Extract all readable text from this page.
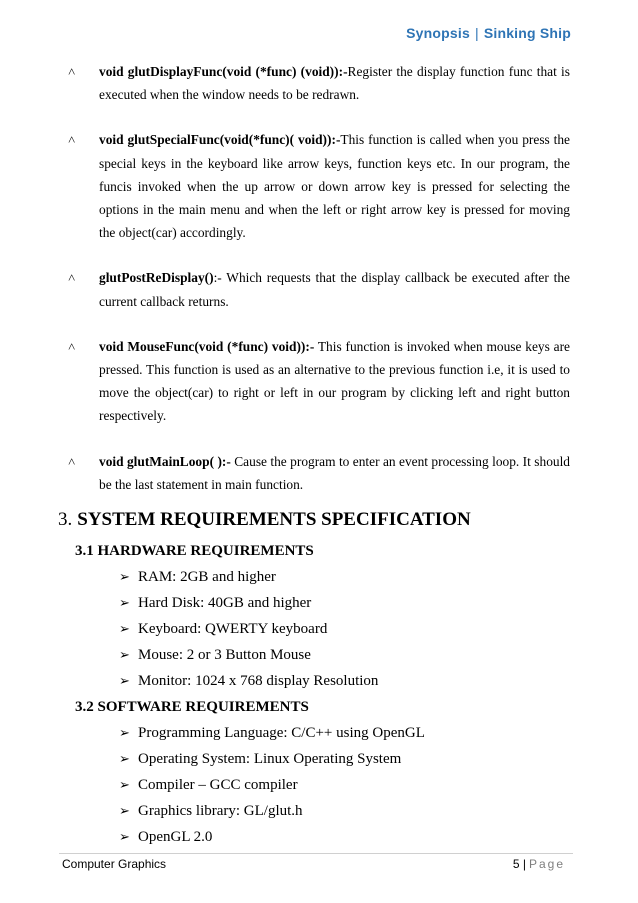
Synopsis | Sinking Ship
˄ void glutDisplayFunc(void (*func) (void)):-Register the display function func that is executed when the window needs to be redrawn.
˄ void glutSpecialFunc(void(*func)( void)):-This function is called when you press the special keys in the keyboard like arrow keys, function keys etc. In our program, the funcis invoked when the up arrow or down arrow key is pressed for selecting the options in the main menu and when the left or right arrow key is pressed for moving the object(car) accordingly.
˄ glutPostReDisplay():- Which requests that the display callback be executed after the current callback returns.
˄ void MouseFunc(void (*func) void)):- This function is invoked when mouse keys are pressed. This function is used as an alternative to the previous function i.e, it is used to move the object(car) to right or left in our program by clicking left and right button respectively.
˄ void glutMainLoop( ):- Cause the program to enter an event processing loop. It should be the last statement in main function.
3. SYSTEM REQUIREMENTS SPECIFICATION
3.1 HARDWARE REQUIREMENTS
➢ RAM: 2GB and higher
➢ Hard Disk: 40GB and higher
➢ Keyboard: QWERTY keyboard
➢ Mouse: 2 or 3 Button Mouse
➢ Monitor: 1024 x 768 display Resolution
3.2 SOFTWARE REQUIREMENTS
➢ Programming Language: C/C++ using OpenGL
➢ Operating System: Linux Operating System
➢ Compiler – GCC compiler
➢ Graphics library: GL/glut.h
➢ OpenGL 2.0
Computer Graphics	5 | Page
